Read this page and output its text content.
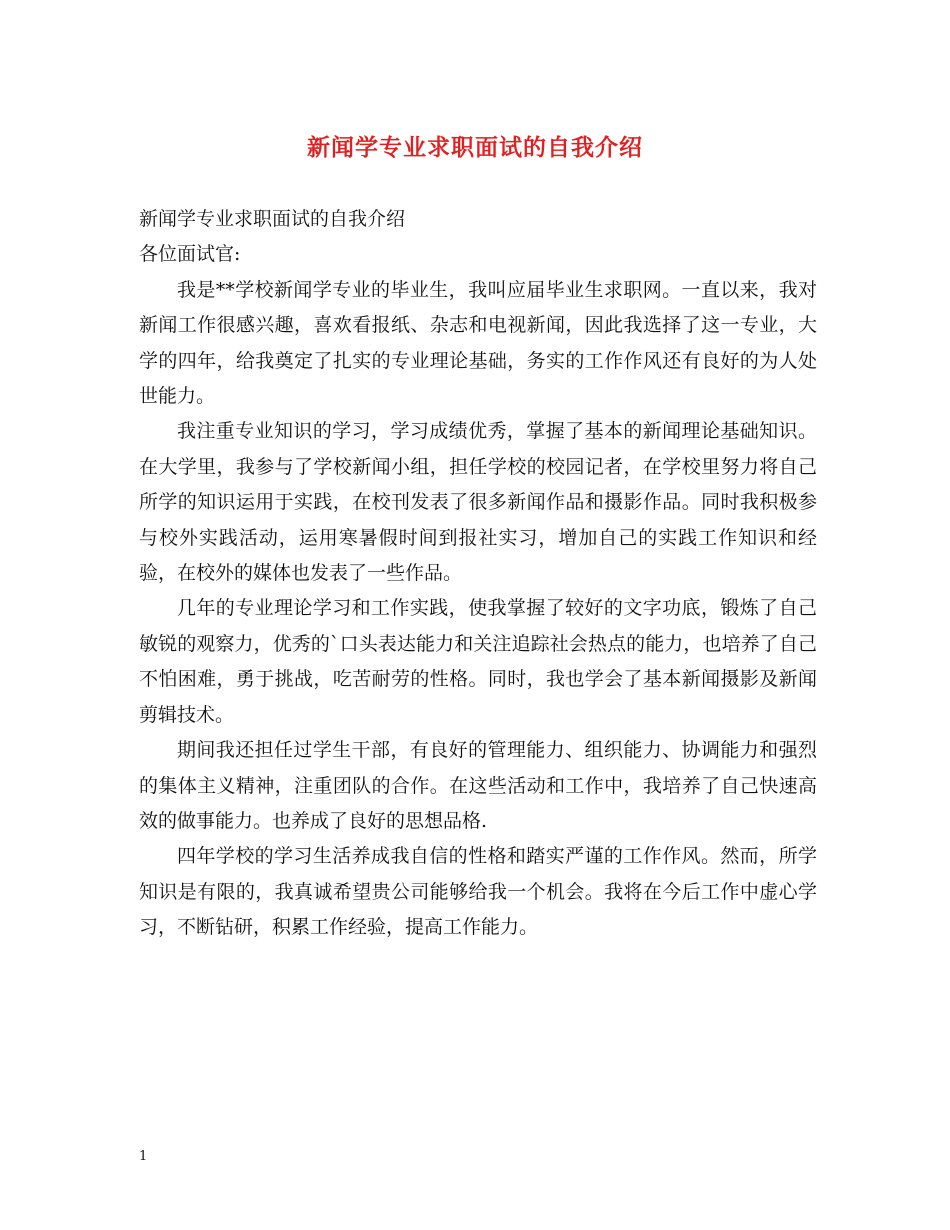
新闻学专业求职面试的自我介绍

新闻学专业求职面试的自我介绍

各位面试官:

我是**学校新闻学专业的毕业生，我叫应届毕业生求职网。一直以来，我对新闻工作很感兴趣，喜欢看报纸、杂志和电视新闻，因此我选择了这一专业，大学的四年，给我奠定了扎实的专业理论基础，务实的工作作风还有良好的为人处世能力。

我注重专业知识的学习，学习成绩优秀，掌握了基本的新闻理论基础知识。在大学里，我参与了学校新闻小组，担任学校的校园记者，在学校里努力将自己所学的知识运用于实践，在校刊发表了很多新闻作品和摄影作品。同时我积极参与校外实践活动，运用寒暑假时间到报社实习，增加自己的实践工作知识和经验，在校外的媒体也发表了一些作品。

几年的专业理论学习和工作实践，使我掌握了较好的文字功底，锻炼了自己敏锐的观察力，优秀的`口头表达能力和关注追踪社会热点的能力，也培养了自己不怕困难，勇于挑战，吃苦耐劳的性格。同时，我也学会了基本新闻摄影及新闻剪辑技术。

期间我还担任过学生干部，有良好的管理能力、组织能力、协调能力和强烈的集体主义精神，注重团队的合作。在这些活动和工作中，我培养了自己快速高效的做事能力。也养成了良好的思想品格.

四年学校的学习生活养成我自信的性格和踏实严谨的工作作风。然而，所学知识是有限的，我真诚希望贵公司能够给我一个机会。我将在今后工作中虚心学习，不断钻研，积累工作经验，提高工作能力。

1
